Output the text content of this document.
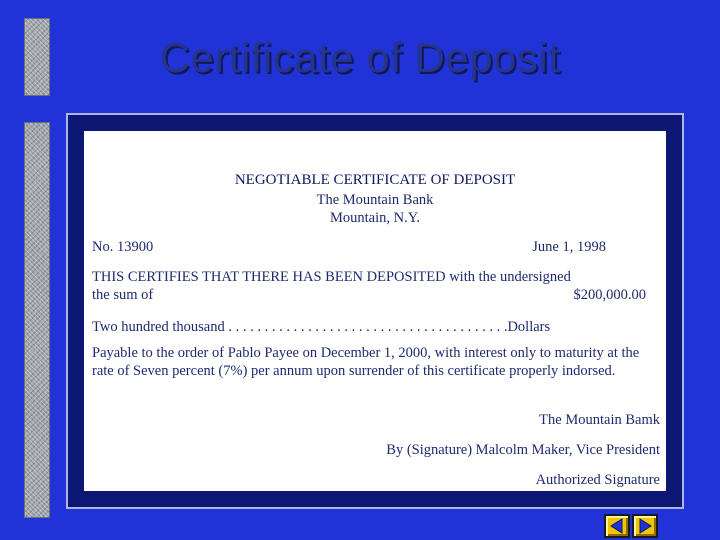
Certificate of Deposit

NEGOTIABLE CERTIFICATE OF DEPOSIT

The Mountain Bank

Mountain, N.Y.

No. 13900	June 1, 1998

THIS CERTIFIES THAT THERE HAS BEEN DEPOSITED with the undersigned

the sum of	$200,000.00

Two hundred thousand . . . . . . . . . . . . . . . . . . . . . . . . . . . . . . . . . . . . . . .Dollars

Payable to the order of Pablo Payee on December 1, 2000, with interest only to maturity at the rate of Seven percent (7%) per annum upon surrender of this certificate properly indorsed.

The Mountain Bamk

By (Signature) Malcolm Maker, Vice President

Authorized Signature
